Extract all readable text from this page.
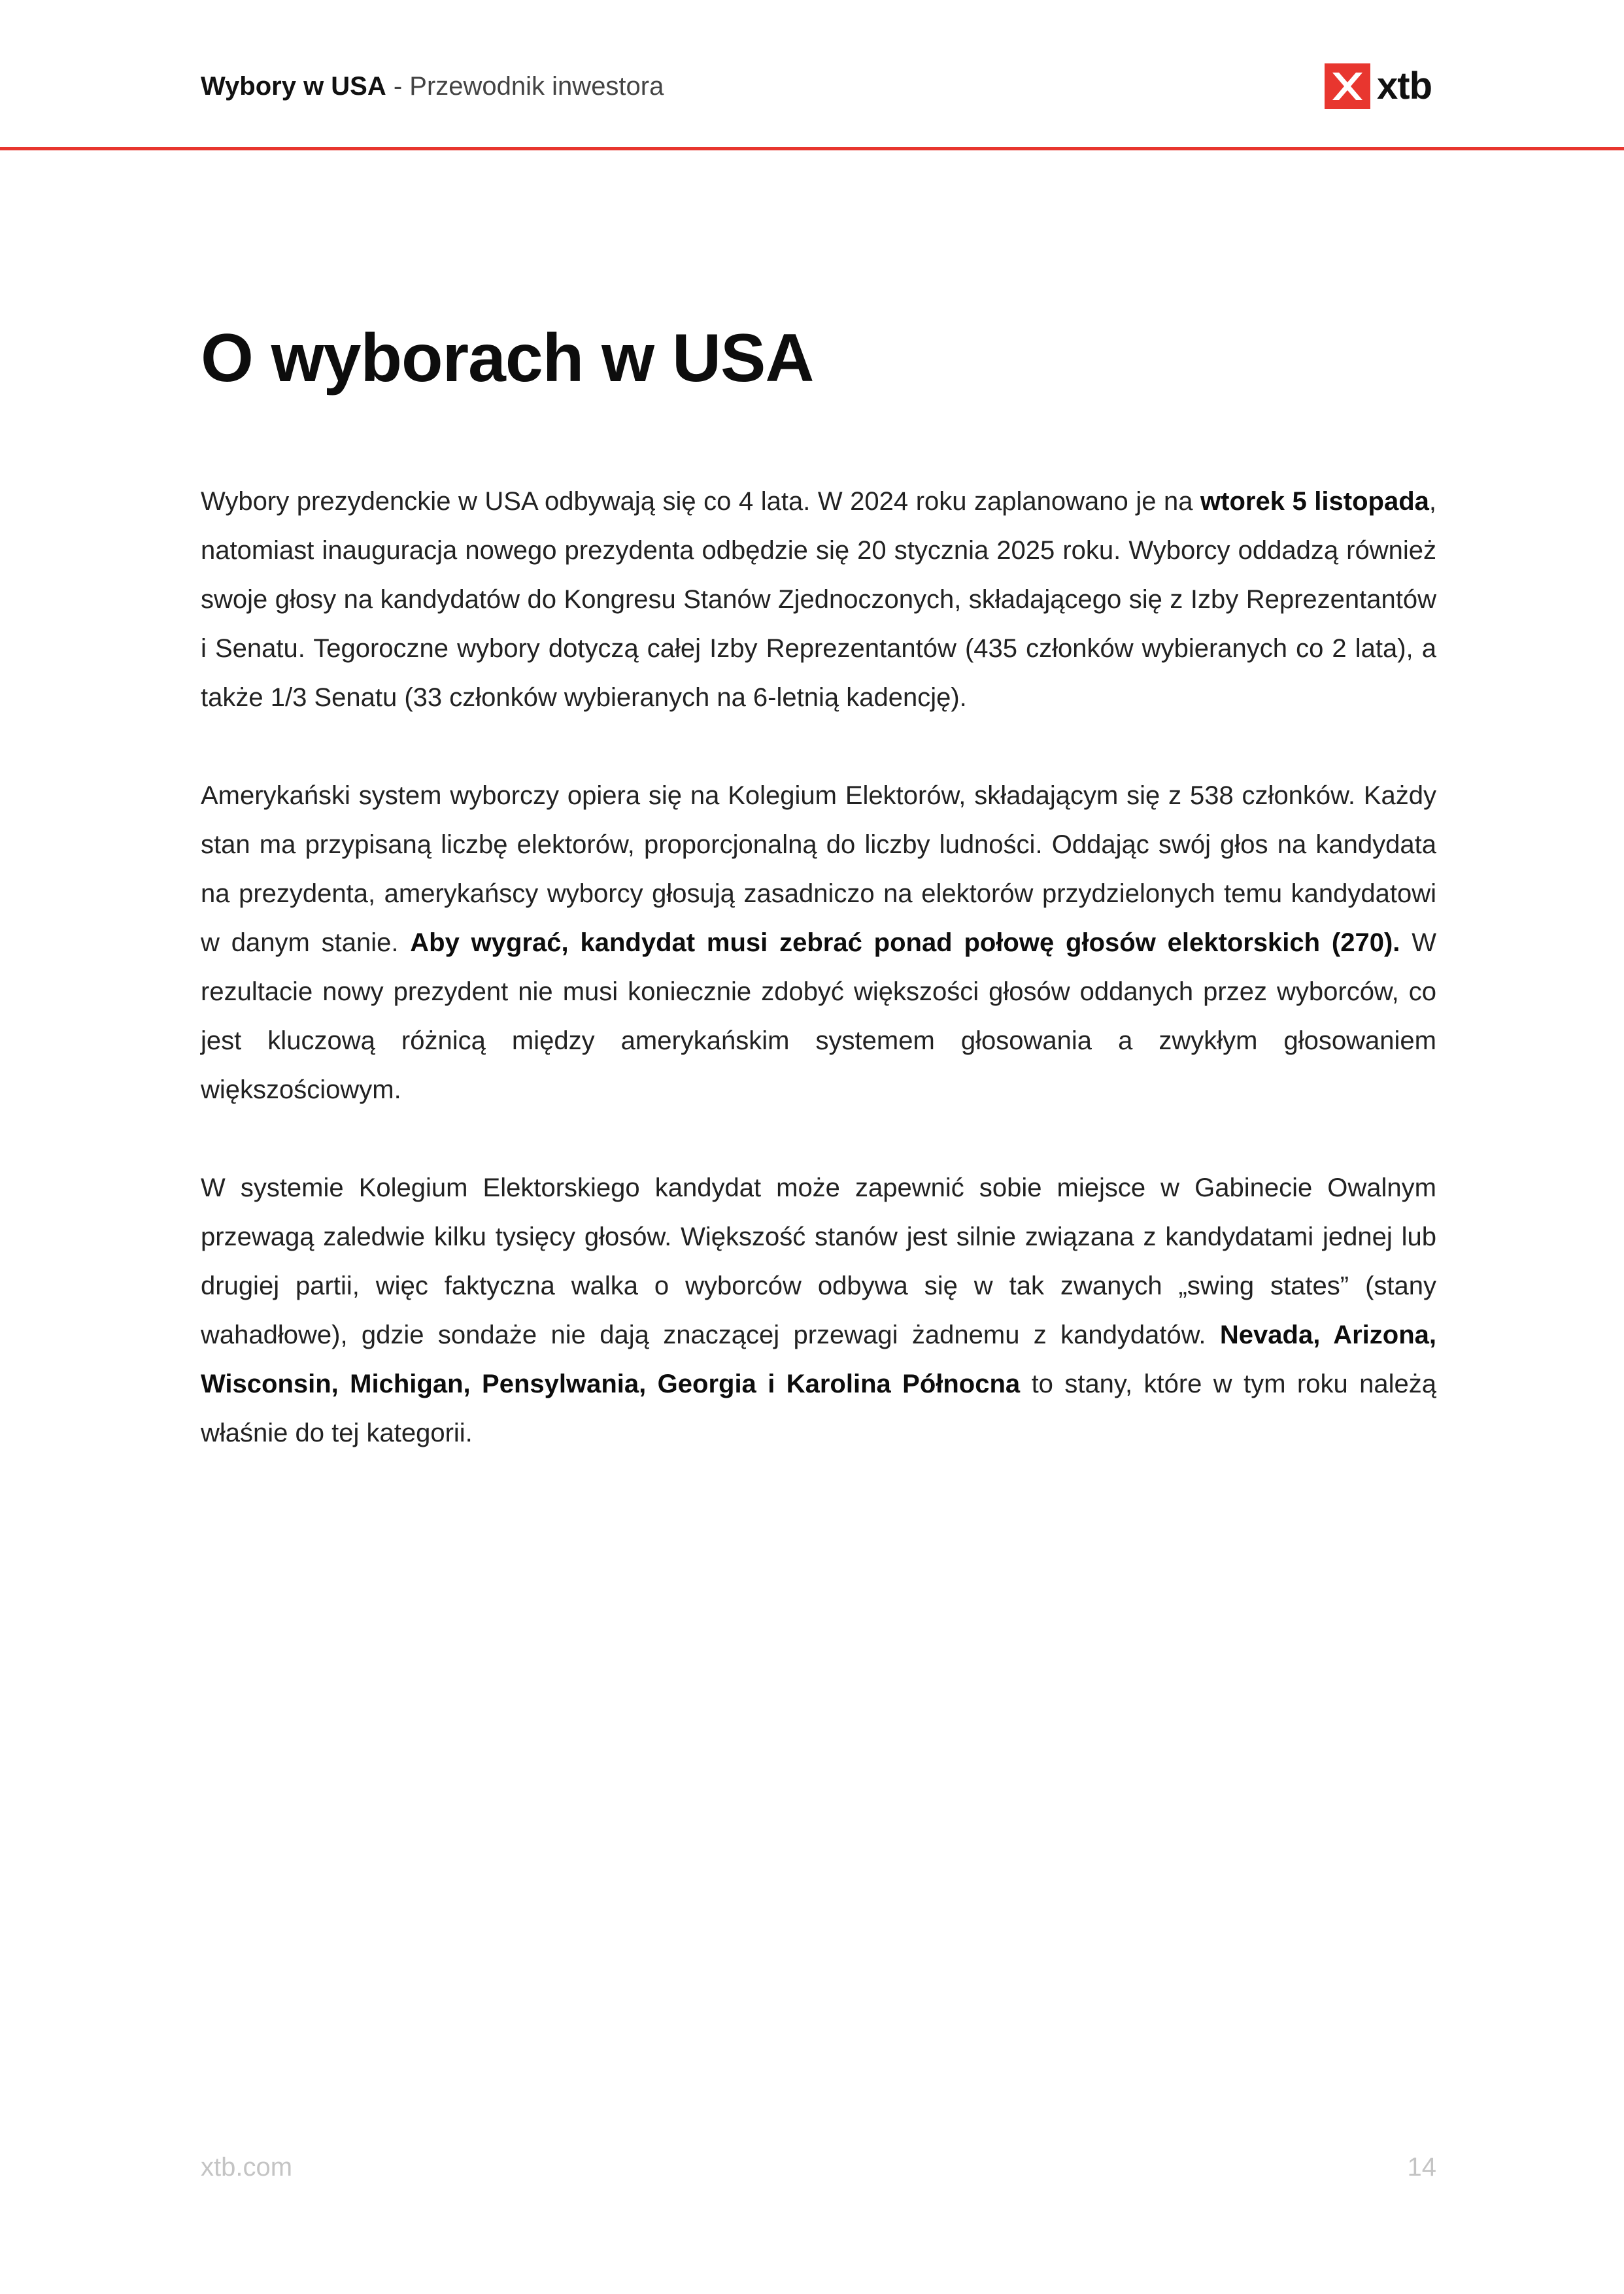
Wybory w USA - Przewodnik inwestora	xtb
O wyborach w USA

Wybory prezydenckie w USA odbywają się co 4 lata. W 2024 roku zaplanowano je na wtorek 5 listopada, natomiast inauguracja nowego prezydenta odbędzie się 20 stycznia 2025 roku. Wyborcy oddadzą również swoje głosy na kandydatów do Kongresu Stanów Zjednoczonych, składającego się z Izby Reprezentantów i Senatu. Tegoroczne wybory dotyczą całej Izby Reprezentantów (435 członków wybieranych co 2 lata), a także 1/3 Senatu (33 członków wybieranych na 6-letnią kadencję).

Amerykański system wyborczy opiera się na Kolegium Elektorów, składającym się z 538 członków. Każdy stan ma przypisaną liczbę elektorów, proporcjonalną do liczby ludności. Oddając swój głos na kandydata na prezydenta, amerykańscy wyborcy głosują zasadniczo na elektorów przydzielonych temu kandydatowi w danym stanie. Aby wygrać, kandydat musi zebrać ponad połowę głosów elektorskich (270). W rezultacie nowy prezydent nie musi koniecznie zdobyć większości głosów oddanych przez wyborców, co jest kluczową różnicą między amerykańskim systemem głosowania a zwykłym głosowaniem większościowym.

W systemie Kolegium Elektorskiego kandydat może zapewnić sobie miejsce w Gabinecie Owalnym przewagą zaledwie kilku tysięcy głosów. Większość stanów jest silnie związana z kandydatami jednej lub drugiej partii, więc faktyczna walka o wyborców odbywa się w tak zwanych „swing states” (stany wahadłowe), gdzie sondaże nie dają znaczącej przewagi żadnemu z kandydatów. Nevada, Arizona, Wisconsin, Michigan, Pensylwania, Georgia i Karolina Północna to stany, które w tym roku należą właśnie do tej kategorii.

xtb.com	14
